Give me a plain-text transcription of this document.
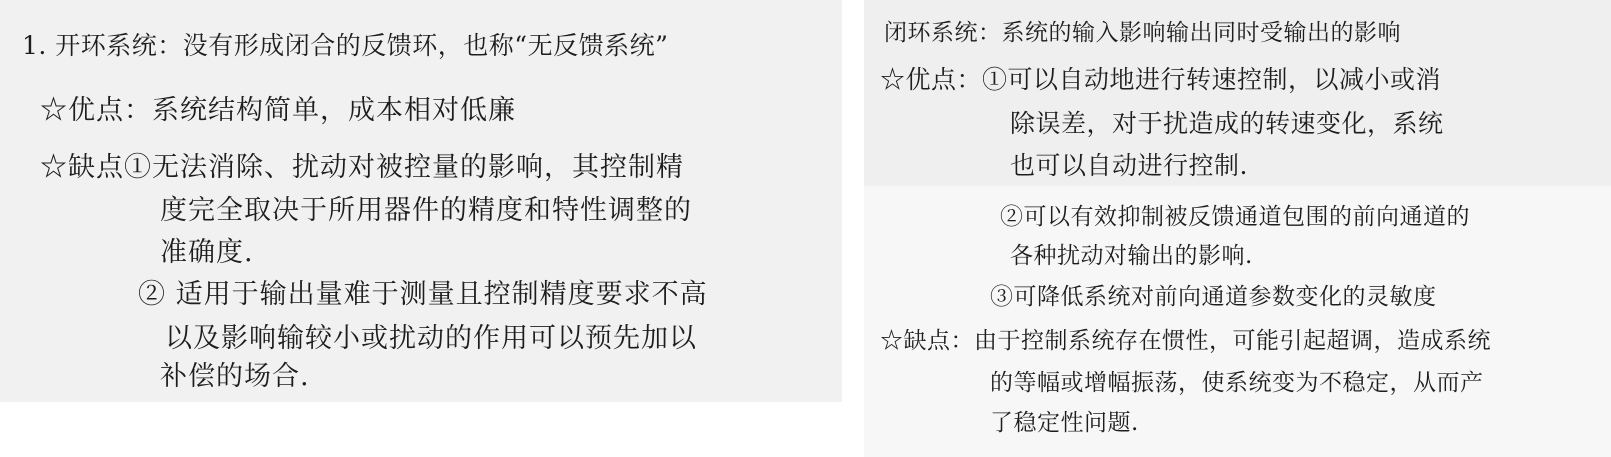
1. 开环系统：没有形成闭合的反馈环，也称“无反馈系统”
☆优点：系统结构简单，成本相对低廉
☆缺点①无法消除、扰动对被控量的影响，其控制精
度完全取决于所用器件的精度和特性调整的
准确度.
② 适用于输出量难于测量且控制精度要求不高
以及影响输较小或扰动的作用可以预先加以
补偿的场合.
闭环系统：系统的输入影响输出同时受输出的影响
☆优点：①可以自动地进行转速控制，以减小或消
除误差，对于扰造成的转速变化，系统
也可以自动进行控制.
②可以有效抑制被反馈通道包围的前向通道的
各种扰动对输出的影响.
③可降低系统对前向通道参数变化的灵敏度
☆缺点：由于控制系统存在惯性，可能引起超调，造成系统
的等幅或增幅振荡，使系统变为不稳定，从而产
了稳定性问题.
